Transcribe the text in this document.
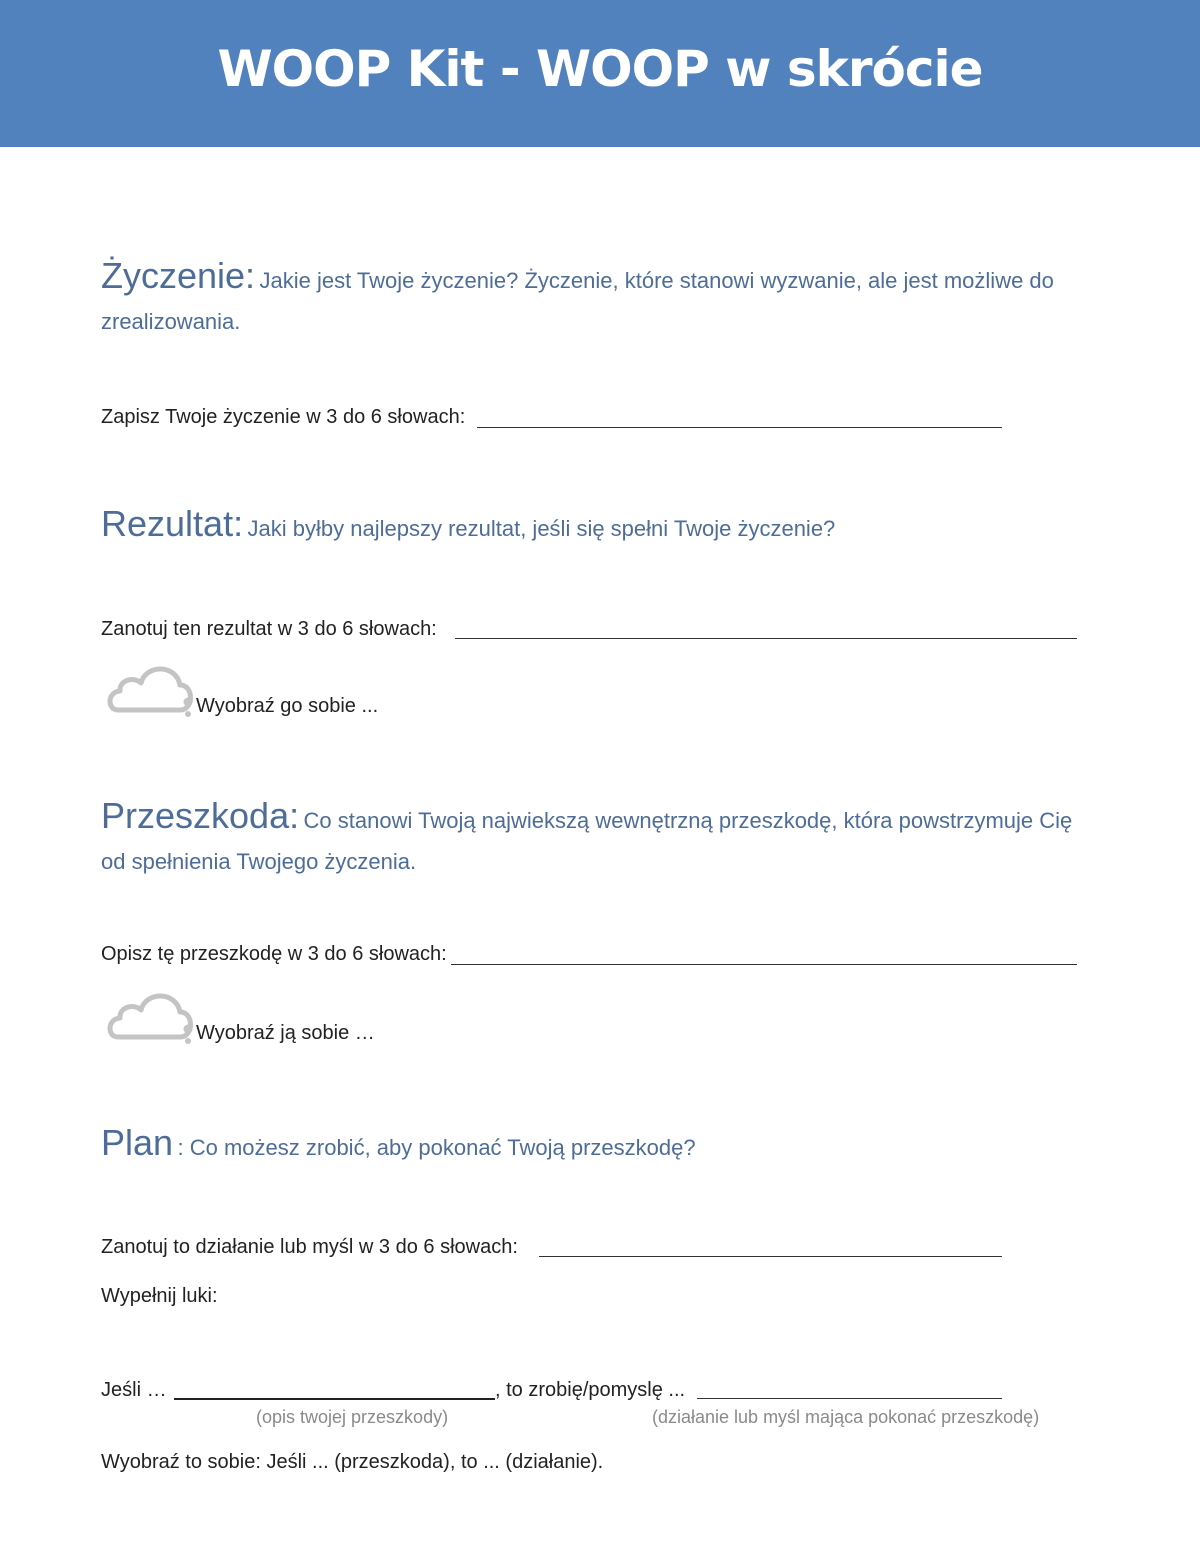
WOOP Kit - WOOP w skrócie
Życzenie: Jakie jest Twoje życzenie? Życzenie, które stanowi wyzwanie, ale jest możliwe do zrealizowania.
Zapisz Twoje życzenie w 3 do 6 słowach:
Rezultat: Jaki byłby najlepszy rezultat, jeśli się spełni Twoje życzenie?
Zanotuj ten rezultat w 3 do 6 słowach:
Wyobraź go sobie ...
Przeszkoda: Co stanowi Twoją najwiekszą wewnętrzną przeszkodę, która powstrzymuje Cię od spełnienia Twojego życzenia.
Opisz tę przeszkodę w 3 do 6 słowach:
Wyobraź ją sobie …
Plan : Co możesz zrobić, aby pokonać Twoją przeszkodę?
Zanotuj to działanie lub myśl w 3 do 6 słowach:
Wypełnij luki:
Jeśli …	, to zrobię/pomyslę ...
(opis twojej przeszkody)	(działanie lub myśl mająca pokonać przeszkodę)
Wyobraź to sobie: Jeśli ... (przeszkoda), to ... (działanie).
